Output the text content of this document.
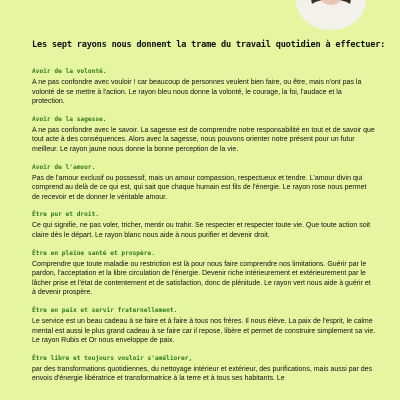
Les sept rayons nous donnent la trame du travail quotidien à effectuer:
Avoir de la volonté.

A ne pas confondre avec vouloir ! car beaucoup de personnes veulent bien faire, ou être, mais n'ont pas la volonté de se mettre à l'action. Le rayon bleu nous donne la volonté, le courage, la foi, l'audace et la protection.

Avoir de la sagesse.

A ne pas confondre avec le savoir. La sagesse est de comprendre notre responsabilité en tout et de savoir que tout acte à des conséquences. Alors avec la sagesse, nous pouvons orienter notre présent pour un futur meilleur. Le rayon jaune nous donne la bonne perception de la vie.

Avoir de l'amour.

Pas de l'amour exclusif ou possessif, mais un amour compassion, respectueux et tendre. L'amour divin qui comprend au delà de ce qui est, qui sait que chaque humain est fils de l'énergie. Le rayon rose nous permet de recevoir et de donner le véritable amour.

Être pur et droit.

Ce qui signifie, ne pas voler, tricher, mentir ou trahir. Se respecter et respecter toute vie. Que toute action soit claire dès le départ. Le rayon blanc nous aide à nous purifier et devenir droit.

Être en pleine santé et prospère.

Comprendre que toute maladie ou restriction est là pour nous faire comprendre nos limitations. Guérir par le pardon, l'acceptation et la libre circulation de l'énergie. Devenir riche intérieurement et extérieurement par le lâcher prise et l'état de contentement et de satisfaction, donc de plénitude. Le rayon vert nous aide à guérir et à devenir prospère.

Être en paix et servir fraternellement.

Le service est un beau cadeau à se faire et à faire à tous nos frères. Il nous élève. La paix de l'esprit, le calme mental est aussi le plus grand cadeau à se faire car il repose, libère et permet de construire simplement sa vie. Le rayon Rubis et Or nous enveloppe de paix.

Être libre et toujours vouloir s'améliorer,

par des transformations quotidiennes, du nettoyage intérieur et extérieur, des purifications, mais aussi par des envois d'énergie libératrice et transformatrice à la terre et à tous ses habitants. Le
